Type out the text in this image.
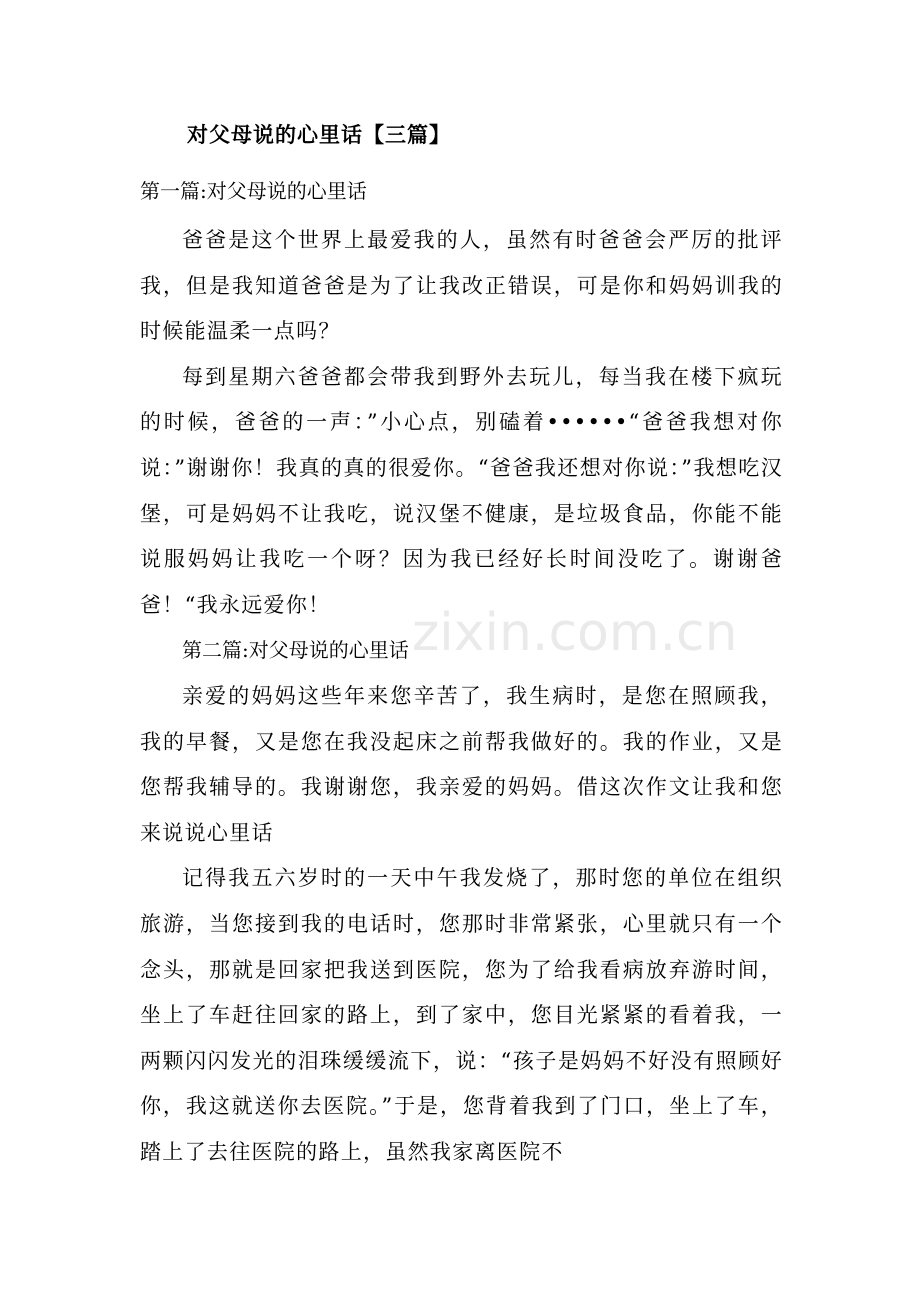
zixin.com.cn
对父母说的心里话【三篇】
第一篇:对父母说的心里话

爸爸是这个世界上最爱我的人，虽然有时爸爸会严厉的批评我，但是我知道爸爸是为了让我改正错误，可是你和妈妈训我的时候能温柔一点吗？

每到星期六爸爸都会带我到野外去玩儿，每当我在楼下疯玩的时候，爸爸的一声：”小心点，别磕着••••••“爸爸我想对你说：”谢谢你！我真的真的很爱你。“爸爸我还想对你说：”我想吃汉堡，可是妈妈不让我吃，说汉堡不健康，是垃圾食品，你能不能说服妈妈让我吃一个呀？因为我已经好长时间没吃了。谢谢爸爸！“我永远爱你！

第二篇:对父母说的心里话

亲爱的妈妈这些年来您辛苦了，我生病时，是您在照顾我，我的早餐，又是您在我没起床之前帮我做好的。我的作业，又是您帮我辅导的。我谢谢您，我亲爱的妈妈。借这次作文让我和您来说说心里话

记得我五六岁时的一天中午我发烧了，那时您的单位在组织旅游，当您接到我的电话时，您那时非常紧张，心里就只有一个念头，那就是回家把我送到医院，您为了给我看病放弃游时间，坐上了车赶往回家的路上，到了家中，您目光紧紧的看着我，一两颗闪闪发光的泪珠缓缓流下，说：“孩子是妈妈不好没有照顾好你，我这就送你去医院。”于是，您背着我到了门口，坐上了车，踏上了去往医院的路上，虽然我家离医院不
